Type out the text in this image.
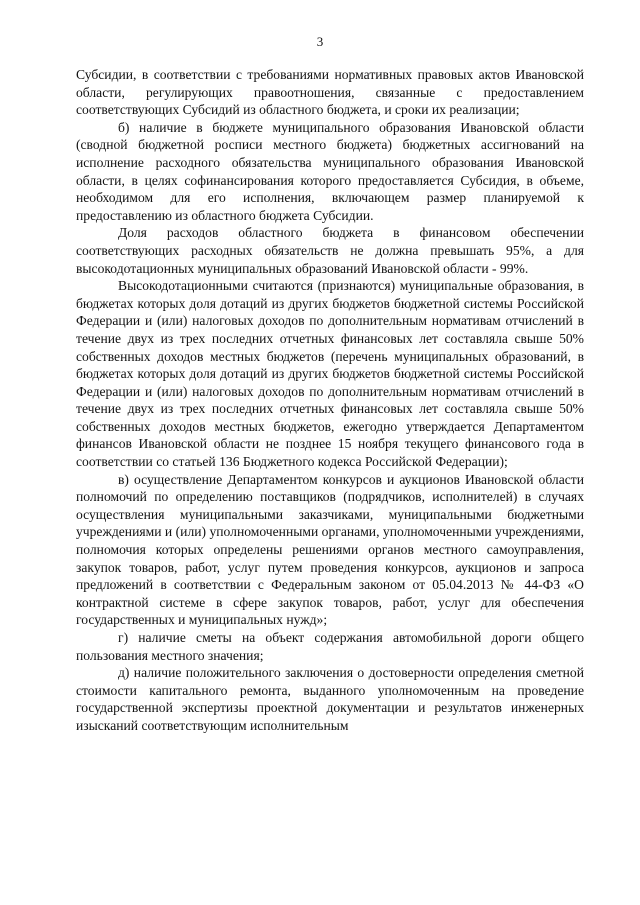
3

Субсидии, в соответствии с требованиями нормативных правовых актов Ивановской области, регулирующих правоотношения, связанные с предоставлением соответствующих Субсидий из областного бюджета, и сроки их реализации;

б) наличие в бюджете муниципального образования Ивановской области (сводной бюджетной росписи местного бюджета) бюджетных ассигнований на исполнение расходного обязательства муниципального образования Ивановской области, в целях софинансирования которого предоставляется Субсидия, в объеме, необходимом для его исполнения, включающем размер планируемой к предоставлению из областного бюджета Субсидии.

Доля расходов областного бюджета в финансовом обеспечении соответствующих расходных обязательств не должна превышать 95%, а для высокодотационных муниципальных образований Ивановской области - 99%.

Высокодотационными считаются (признаются) муниципальные образования, в бюджетах которых доля дотаций из других бюджетов бюджетной системы Российской Федерации и (или) налоговых доходов по дополнительным нормативам отчислений в течение двух из трех последних отчетных финансовых лет составляла свыше 50% собственных доходов местных бюджетов (перечень муниципальных образований, в бюджетах которых доля дотаций из других бюджетов бюджетной системы Российской Федерации и (или) налоговых доходов по дополнительным нормативам отчислений в течение двух из трех последних отчетных финансовых лет составляла свыше 50% собственных доходов местных бюджетов, ежегодно утверждается Департаментом финансов Ивановской области не позднее 15 ноября текущего финансового года в соответствии со статьей 136 Бюджетного кодекса Российской Федерации);

в) осуществление Департаментом конкурсов и аукционов Ивановской области полномочий по определению поставщиков (подрядчиков, исполнителей) в случаях осуществления муниципальными заказчиками, муниципальными бюджетными учреждениями и (или) уполномоченными органами, уполномоченными учреждениями, полномочия которых определены решениями органов местного самоуправления, закупок товаров, работ, услуг путем проведения конкурсов, аукционов и запроса предложений в соответствии с Федеральным законом от 05.04.2013 № 44-ФЗ «О контрактной системе в сфере закупок товаров, работ, услуг для обеспечения государственных и муниципальных нужд»;

г) наличие сметы на объект содержания автомобильной дороги общего пользования местного значения;

д) наличие положительного заключения о достоверности определения сметной стоимости капитального ремонта, выданного уполномоченным на проведение государственной экспертизы проектной документации и результатов инженерных изысканий соответствующим исполнительным
